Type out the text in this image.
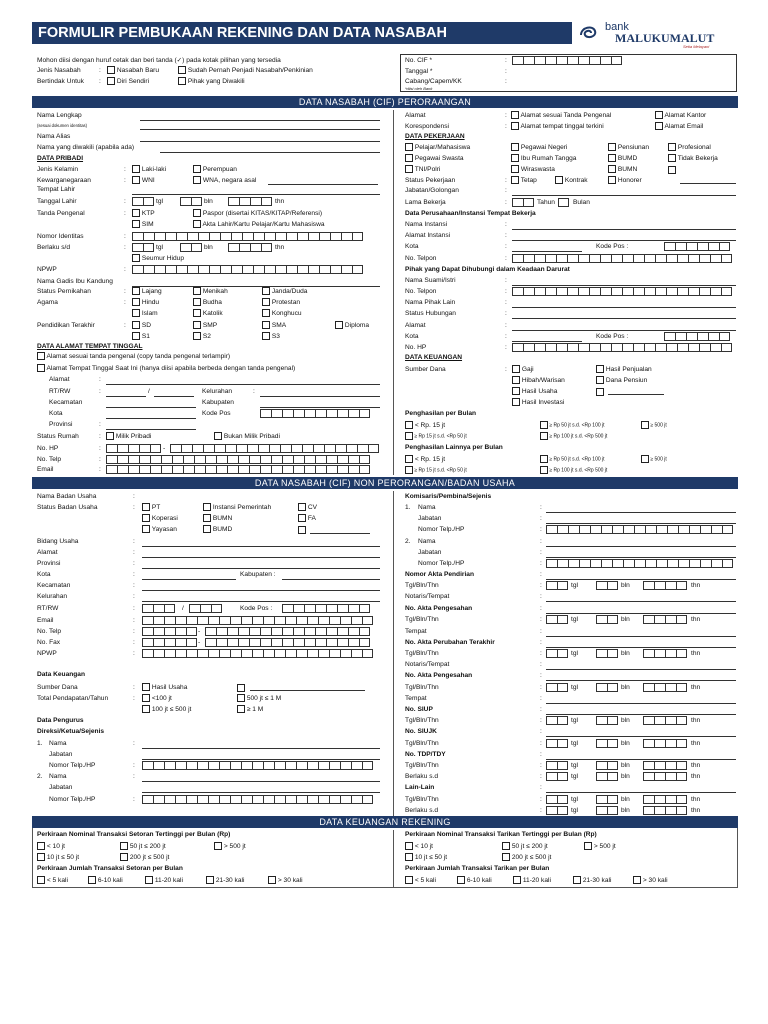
FORMULIR PEMBUKAAN REKENING DAN DATA NASABAH	bank
MALUKUMALUT
Setia Melayani
Mohon diisi dengan huruf cetak dan beri tanda (✓) pada kotak pilihan yang tersedia
Jenis Nasabah	:	Nasabah Baru	Sudah Pernah Penjadi Nasabah/Penkinian
Bertindak Untuk :	Diri Sendiri	Pihak yang Diwakili
No. CIF *	:
Tanggal *	:
Cabang/Capem/KK	:
*diisi oleh Bank
DATA NASABAH (CIF) PERORAANGAN
Nama Lengkap
(sesuai dokumen identitas)
Nama Alias
Nama yang diwakili (apabila ada)
DATA PRIBADI
Jenis Kelamin	:	Laki-laki	Perempuan
Kewarganegaraan	:	WNI	WNA, negara asal
Tempat Lahir
Tanggal Lahir	:	tgl	bln	thn
Tanda Pengenal	:	KTP	Paspor (disertai KITAS/KITAP/Referensi)
SIM	Akta Lahir/Kartu Pelajar/Kartu Mahasiswa
Nomor Identitas	:
Berlaku s/d	:	tgl	bln	thn
Seumur Hidup
NPWP	:
Nama Gadis Ibu Kandung
Status Pernikahan	:	Lajang	Menikah	Janda/Duda
Agama	:	Hindu	Budha	Protestan
Islam	Katolik	Konghucu
Pendidikan Terakhir	:	SD	SMP	SMA	Diploma
S1	S2	S3
DATA ALAMAT TEMPAT TINGGAL
Alamat sesuai tanda pengenal (copy tanda pengenal terlampir)
Alamat Tempat Tinggal Saat Ini (hanya diisi apabila berbeda dengan tanda pengenal)
Alamat	:
RT/RW	:	/	Kelurahan	:
Kecamatan	Kabupaten
Kota	Kode Pos
Provinsi	:
Status Rumah	:	Milik Pribadi	Bukan Milik Pribadi
No. HP	:	-
No. Telp	:
Email	:
Alamat	:
Korespondensi	:
Alamat sesuai Tanda Pengenal	Alamat Kantor
Alamat tempat tinggal terkini	Alamat Email
DATA PEKERJAAN
Pelajar/Mahasiswa	Pegawai Negeri	Pensiunan	Profesional
Pegawai Swasta	Ibu Rumah Tangga	BUMD	Tidak Bekerja
TNI/Polri	Wiraswasta	BUMN
Status Pekerjaan	:	Tetap	Kontrak	Honorer
Jabatan/Golongan	:
Lama Bekerja	:	Tahun	Bulan
Data Perusahaan/Instansi Tempat Bekerja
Nama Instansi	:
Alamat Instansi	:
Kota	:	Kode Pos :
No. Telpon	:
Pihak yang Dapat Dihubungi dalam Keadaan Darurat
Nama Suami/Istri	:
No. Telpon	:
Nama Pihak Lain	:
Status Hubungan	:
Alamat	:
Kota	:	Kode Pos :
No. HP	:
DATA KEUANGAN
Sumber Dana	:	Gaji	Hasil Penjualan
Hibah/Warisan	Dana Pensiun
Hasil Usaha
Hasil Investasi
Penghasilan per Bulan
< Rp. 15 jt	≥ Rp 50 jt s.d. <Rp 100 jt	≥ 500 jt
≥ Rp 15 jt s.d. <Rp 50 jt	≥ Rp 100 jt s.d. <Rp 500 jt
Penghasilan Lainnya per Bulan
< Rp. 15 jt	≥ Rp 50 jt s.d. <Rp 100 jt	≥ 500 jt
≥ Rp 15 jt s.d. <Rp 50 jt	≥ Rp 100 jt s.d. <Rp 500 jt
DATA NASABAH (CIF) NON PERORANGAN/BADAN USAHA
Nama Badan Usaha	:
Status Badan Usaha	:	PT	Instansi Pemerintah	CV
Koperasi	BUMN	FA
Yayasan	BUMD
Bidang Usaha	:
Alamat	:
Provinsi	:
Kota	:	Kabupaten :
Kecamatan	:
Kelurahan	:
RT/RW	:	/	Kode Pos :
Email	:
No. Telp	:	-
No. Fax	:	-
NPWP	:
Data Keuangan
Sumber Dana	:	Hasil Usaha
Total Pendapatan/Tahun	:	<100 jt	500 jt ≤ 1 M
100 jt ≤ 500 jt	≥ 1 M
Data Pengurus
Direksi/Ketua/Sejenis
1. Nama	:
Jabatan
Nomor Telp./HP	:
2. Nama	:
Jabatan
Nomor Telp./HP	:
Komisaris/Pembina/Sejenis
1. Nama	:
Jabatan	:
Nomor Telp./HP	:
2. Nama	:
Jabatan	:
Nomor Telp./HP	:
Nomor Akta Pendirian	:
Tgl/Bln/Thn	:	tgl	bln	thn
Notaris/Tempat	:
No. Akta Pengesahan	:
Tgl/Bln/Thn	:	tgl	bln	thn
Tempat	:
No. Akta Perubahan Terakhir	:
Tgl/Bln/Thn	:	tgl	bln	thn
Notaris/Tempat	:
No. Akta Pengesahan	:
Tgl/Bln/Thn	:	tgl	bln	thn
Tempat	:
No. SIUP	:
Tgl/Bln/Thn	:	tgl	bln	thn
No. SIUJK	:
Tgl/Bln/Thn	:	tgl	bln	thn
No. TDP/TDY	:
Tgl/Bln/Thn	:	tgl	bln	thn
Berlaku s.d	:	tgl	bln	thn
Lain-Lain	:
Tgl/Bln/Thn	:	tgl	bln	thn
Berlaku s.d	:	tgl	bln	thn
DATA KEUANGAN REKENING
Perkiraan Nominal Transaksi Setoran Tertinggi per Bulan (Rp)
< 10 jt	50 jt ≤ 200 jt	> 500 jt
10 jt ≤ 50 jt	200 jt ≤ 500 jt
Perkiraan Jumlah Transaksi Setoran per Bulan
< 5 kali	6-10 kali	11-20 kali	21-30 kali	> 30 kali
Perkiraan Nominal Transaksi Tarikan Tertinggi per Bulan (Rp)
< 10 jt	50 jt ≤ 200 jt	> 500 jt
10 jt ≤ 50 jt	200 jt ≤ 500 jt
Perkiraan Jumlah Transaksi Tarikan per Bulan
< 5 kali	6-10 kali	11-20 kali	21-30 kali	> 30 kali
